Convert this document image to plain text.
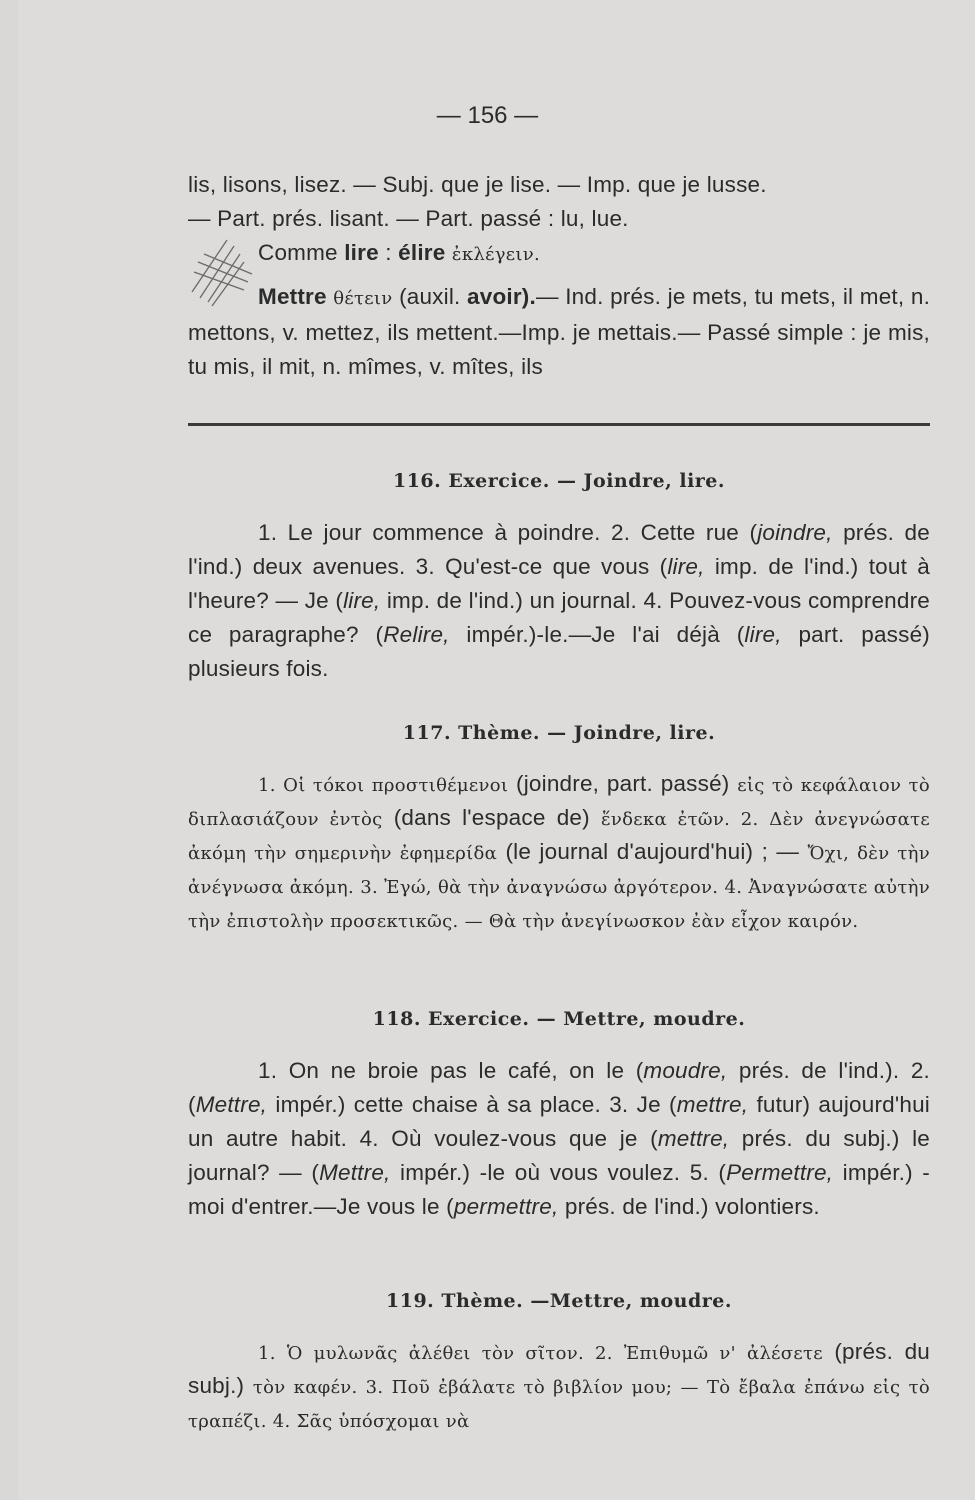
— 156 —

lis, lisons, lisez. — Subj. que je lise. — Imp. que je lusse.

— Part. prés. lisant. — Part. passé : lu, lue.

Comme lire : élire ἐκλέγειν.

Mettre θέτειν (auxil. avoir).— Ind. prés. je mets, tu mets, il met, n. mettons, v. mettez, ils mettent.—Imp. je mettais.— Passé simple : je mis, tu mis, il mit, n. mîmes, v. mîtes, ils

116. Exercice. — Joindre, lire.

1. Le jour commence à poindre. 2. Cette rue (joindre, prés. de l'ind.) deux avenues. 3. Qu'est-ce que vous (lire, imp. de l'ind.) tout à l'heure? — Je (lire, imp. de l'ind.) un journal. 4. Pouvez-vous comprendre ce paragraphe? (Relire, impér.)-le.—Je l'ai déjà (lire, part. passé) plusieurs fois.

117. Thème. — Joindre, lire.

1. Οἱ τόκοι προστιθέμενοι (joindre, part. passé) εἰς τὸ κεφάλαιον τὸ διπλασιάζουν ἐντὸς (dans l'espace de) ἕνδεκα ἐτῶν. 2. Δὲν ἀνεγνώσατε ἀκόμη τὴν σημερινὴν ἐφημερίδα (le journal d'aujourd'hui) ; — Ὄχι, δὲν τὴν ἀνέγνωσα ἀκόμη. 3. Ἐγώ, θὰ τὴν ἀναγνώσω ἀργότερον. 4. Ἀναγνώσατε αὐτὴν τὴν ἐπιστολὴν προσεκτικῶς. — Θὰ τὴν ἀνεγίνωσκον ἐὰν εἶχον καιρόν.

118. Exercice. — Mettre, moudre.

1. On ne broie pas le café, on le (moudre, prés. de l'ind.). 2. (Mettre, impér.) cette chaise à sa place. 3. Je (mettre, futur) aujourd'hui un autre habit. 4. Où voulez-vous que je (mettre, prés. du subj.) le journal? — (Mettre, impér.) -le où vous voulez. 5. (Permettre, impér.) - moi d'entrer.—Je vous le (permettre, prés. de l'ind.) volontiers.

119. Thème. —Mettre, moudre.

1. Ὁ μυλωνᾶς ἀλέθει τὸν σῖτον. 2. Ἐπιθυμῶ ν' ἀλέσετε (prés. du subj.) τὸν καφέν. 3. Ποῦ ἐβάλατε τὸ βιβλίον μου; — Τὸ ἔβαλα ἐπάνω εἰς τὸ τραπέζι. 4. Σᾶς ὑπόσχομαι νὰ
